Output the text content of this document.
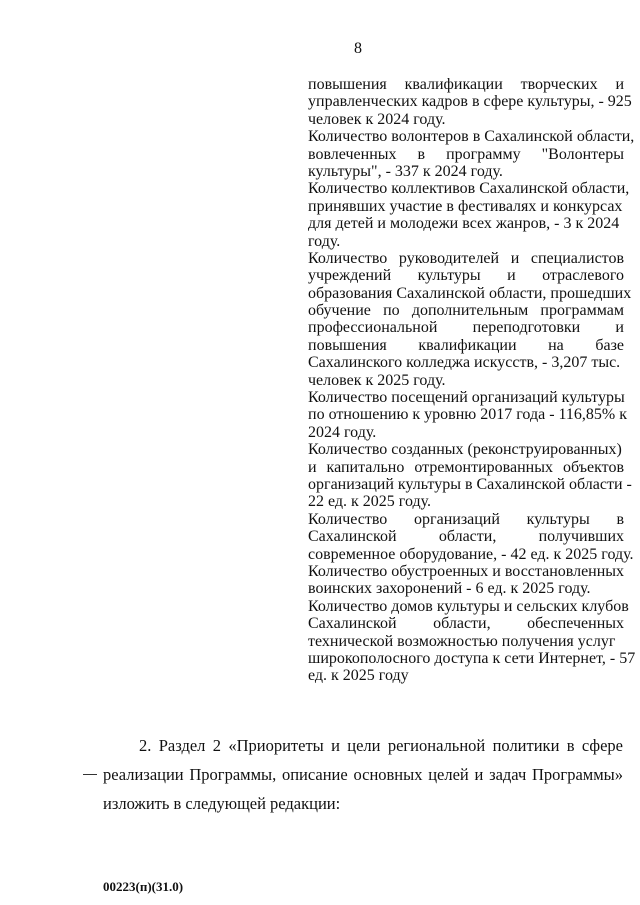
8
повышения квалификации творческих и
управленческих кадров в сфере культуры, - 925
человек к 2024 году.
Количество волонтеров в Сахалинской области,
вовлеченных в программу "Волонтеры
культуры", - 337 к 2024 году.
Количество коллективов Сахалинской области,
принявших участие в фестивалях и конкурсах
для детей и молодежи всех жанров, - 3 к 2024
году.
Количество руководителей и специалистов
учреждений культуры и отраслевого
образования Сахалинской области, прошедших
обучение по дополнительным программам
профессиональной переподготовки и
повышения квалификации на базе
Сахалинского колледжа искусств, - 3,207 тыс.
человек к 2025 году.
Количество посещений организаций культуры
по отношению к уровню 2017 года - 116,85% к
2024 году.
Количество созданных (реконструированных)
и капитально отремонтированных объектов
организаций культуры в Сахалинской области -
22 ед. к 2025 году.
Количество организаций культуры в
Сахалинской области, получивших
современное оборудование, - 42 ед. к 2025 году.
Количество обустроенных и восстановленных
воинских захоронений - 6 ед. к 2025 году.
Количество домов культуры и сельских клубов
Сахалинской области, обеспеченных
технической возможностью получения услуг
широкополосного доступа к сети Интернет, - 57
ед. к 2025 году
2. Раздел 2 «Приоритеты и цели региональной политики в сфере
реализации Программы, описание основных целей и задач Программы»
изложить в следующей редакции:
00223(п)(31.0)
